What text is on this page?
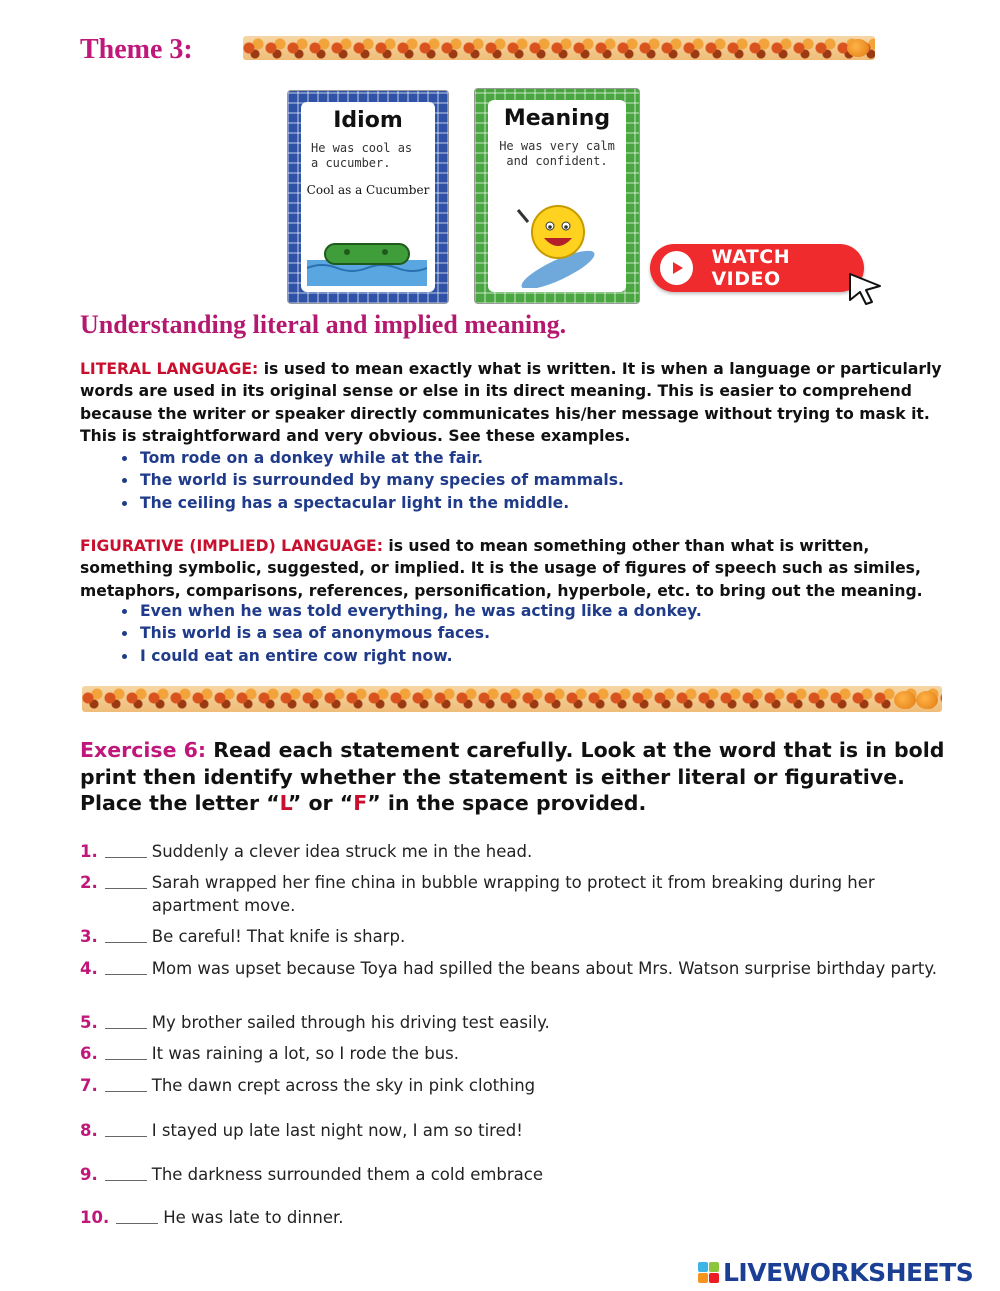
Theme 3:
Idiom
He was cool as a cucumber.
Cool as a Cucumber
Meaning
He was very calm and confident.
WATCH VIDEO
Understanding literal and implied meaning.
LITERAL LANGUAGE: is used to mean exactly what is written. It is when a language or particularly words are used in its original sense or else in its direct meaning. This is easier to comprehend because the writer or speaker directly communicates his/her message without trying to mask it. This is straightforward and very obvious. See these examples.
• Tom rode on a donkey while at the fair.
• The world is surrounded by many species of mammals.
• The ceiling has a spectacular light in the middle.
FIGURATIVE (IMPLIED) LANGUAGE: is used to mean something other than what is written, something symbolic, suggested, or implied. It is the usage of figures of speech such as similes, metaphors, comparisons, references, personification, hyperbole, etc. to bring out the meaning.
• Even when he was told everything, he was acting like a donkey.
• This world is a sea of anonymous faces.
• I could eat an entire cow right now.
Exercise 6: Read each statement carefully. Look at the word that is in bold print then identify whether the statement is either literal or figurative. Place the letter “L” or “F” in the space provided.
1.	Suddenly a clever idea struck me in the head.
2.	Sarah wrapped her fine china in bubble wrapping to protect it from breaking during her apartment move.
3.	Be careful! That knife is sharp.
4.	Mom was upset because Toya had spilled the beans about Mrs. Watson surprise birthday party.
5.	My brother sailed through his driving test easily.
6.	It was raining a lot, so I rode the bus.
7.	The dawn crept across the sky in pink clothing
8.	I stayed up late last night now, I am so tired!
9.	The darkness surrounded them a cold embrace
10.	He was late to dinner.
LIVEWORKSHEETS
